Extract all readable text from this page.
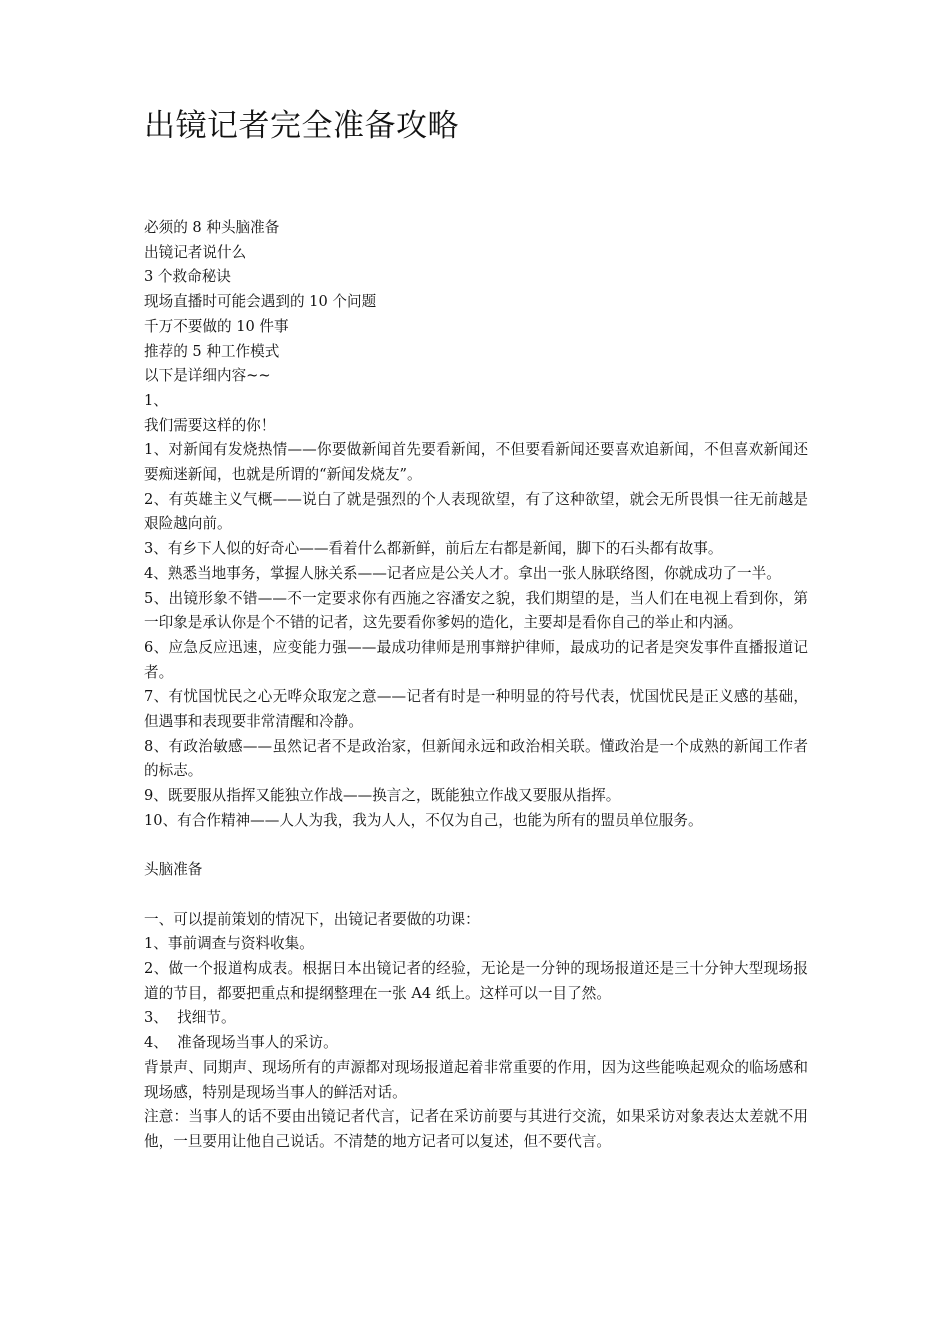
出镜记者完全准备攻略
必须的 8 种头脑准备
出镜记者说什么
3 个救命秘诀
现场直播时可能会遇到的 10 个问题
千万不要做的 10 件事
推荐的 5 种工作模式
以下是详细内容~~
1、
我们需要这样的你！
1、对新闻有发烧热情——你要做新闻首先要看新闻，不但要看新闻还要喜欢追新闻，不但喜欢新闻还要痴迷新闻，也就是所谓的“新闻发烧友”。
2、有英雄主义气概——说白了就是强烈的个人表现欲望，有了这种欲望，就会无所畏惧一往无前越是艰险越向前。
3、有乡下人似的好奇心——看着什么都新鲜，前后左右都是新闻，脚下的石头都有故事。
4、熟悉当地事务，掌握人脉关系——记者应是公关人才。拿出一张人脉联络图，你就成功了一半。
5、出镜形象不错——不一定要求你有西施之容潘安之貌，我们期望的是，当人们在电视上看到你，第一印象是承认你是个不错的记者，这先要看你爹妈的造化，主要却是看你自己的举止和内涵。
6、应急反应迅速，应变能力强——最成功律师是刑事辩护律师，最成功的记者是突发事件直播报道记者。
7、有忧国忧民之心无哗众取宠之意——记者有时是一种明显的符号代表，忧国忧民是正义感的基础，但遇事和表现要非常清醒和冷静。
8、有政治敏感——虽然记者不是政治家，但新闻永远和政治相关联。懂政治是一个成熟的新闻工作者的标志。
9、既要服从指挥又能独立作战——换言之，既能独立作战又要服从指挥。
10、有合作精神——人人为我，我为人人，不仅为自己，也能为所有的盟员单位服务。
头脑准备
一、可以提前策划的情况下，出镜记者要做的功课：
1、事前调查与资料收集。
2、做一个报道构成表。根据日本出镜记者的经验，无论是一分钟的现场报道还是三十分钟大型现场报道的节目，都要把重点和提纲整理在一张 A4 纸上。这样可以一目了然。
3、  找细节。
4、  准备现场当事人的采访。
背景声、同期声、现场所有的声源都对现场报道起着非常重要的作用，因为这些能唤起观众的临场感和现场感，特别是现场当事人的鲜活对话。
注意：当事人的话不要由出镜记者代言，记者在采访前要与其进行交流，如果采访对象表达太差就不用他，一旦要用让他自己说话。不清楚的地方记者可以复述，但不要代言。
